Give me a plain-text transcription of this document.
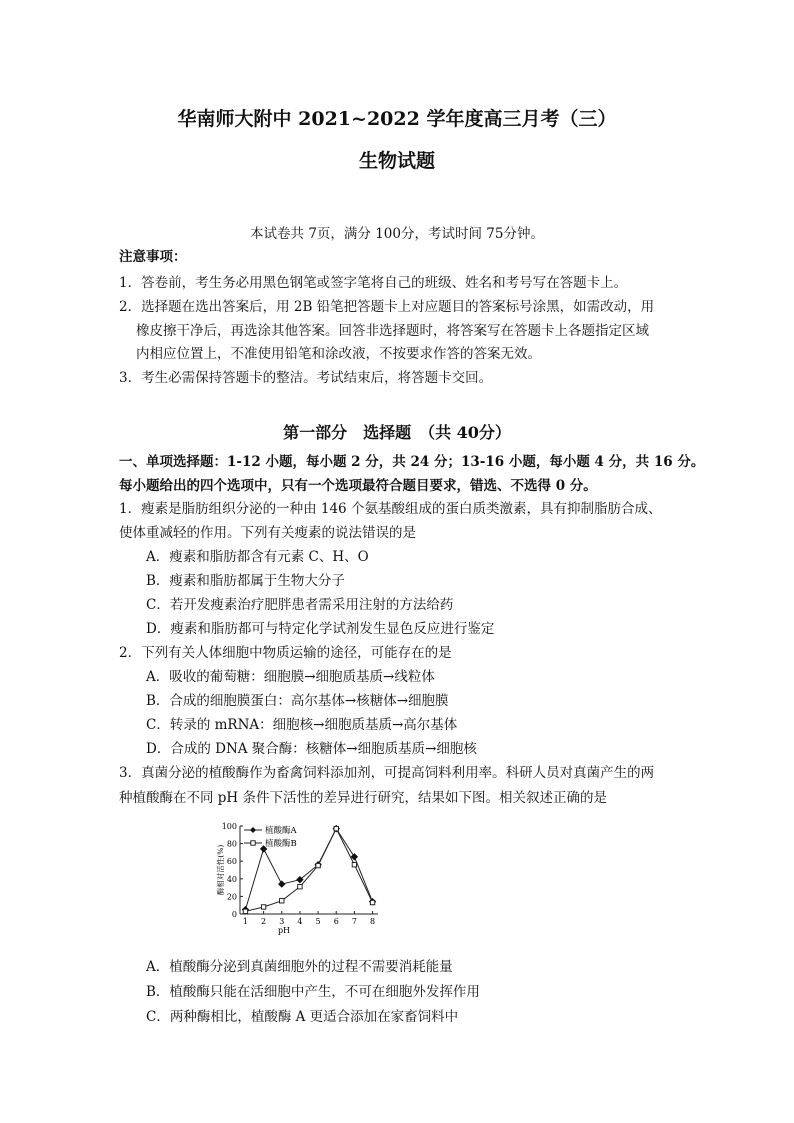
华南师大附中 2021~2022 学年度高三月考（三）
生物试题
本试卷共 7页，满分 100分，考试时间 75分钟。
注意事项：
1．答卷前，考生务必用黑色钢笔或签字笔将自己的班级、姓名和考号写在答题卡上。
2．选择题在选出答案后，用 2B 铅笔把答题卡上对应题目的答案标号涂黑，如需改动，用
橡皮擦干净后，再选涂其他答案。回答非选择题时，将答案写在答题卡上各题指定区域
内相应位置上，不准使用铅笔和涂改液，不按要求作答的答案无效。
3．考生必需保持答题卡的整洁。考试结束后，将答题卡交回。
第一部分　选择题　（共 40分）
一、单项选择题：1-12 小题，每小题 2 分，共 24 分；13-16 小题，每小题 4 分，共 16 分。
每小题给出的四个选项中，只有一个选项最符合题目要求，错选、不选得 0 分。
1．瘦素是脂肪组织分泌的一种由 146 个氨基酸组成的蛋白质类激素，具有抑制脂肪合成、
使体重减轻的作用。下列有关瘦素的说法错误的是
A．瘦素和脂肪都含有元素 C、H、O
B．瘦素和脂肪都属于生物大分子
C．若开发瘦素治疗肥胖患者需采用注射的方法给药
D．瘦素和脂肪都可与特定化学试剂发生显色反应进行鉴定
2．下列有关人体细胞中物质运输的途径，可能存在的是
A．吸收的葡萄糖：细胞膜→细胞质基质→线粒体
B．合成的细胞膜蛋白：高尔基体→核糖体→细胞膜
C．转录的 mRNA：细胞核→细胞质基质→高尔基体
D．合成的 DNA 聚合酶：核糖体→细胞质基质→细胞核
3．真菌分泌的植酸酶作为畜禽饲料添加剂，可提高饲料利用率。科研人员对真菌产生的两
种植酸酶在不同 pH 条件下活性的差异进行研究，结果如下图。相关叙述正确的是
0
20
40
60
80
100
1 2 3 4 5 6 7 8
pH
酶相对活性(%)
植酸酶A
植酸酶B
A．植酸酶分泌到真菌细胞外的过程不需要消耗能量
B．植酸酶只能在活细胞中产生，不可在细胞外发挥作用
C．两种酶相比，植酸酶 A 更适合添加在家畜饲料中
